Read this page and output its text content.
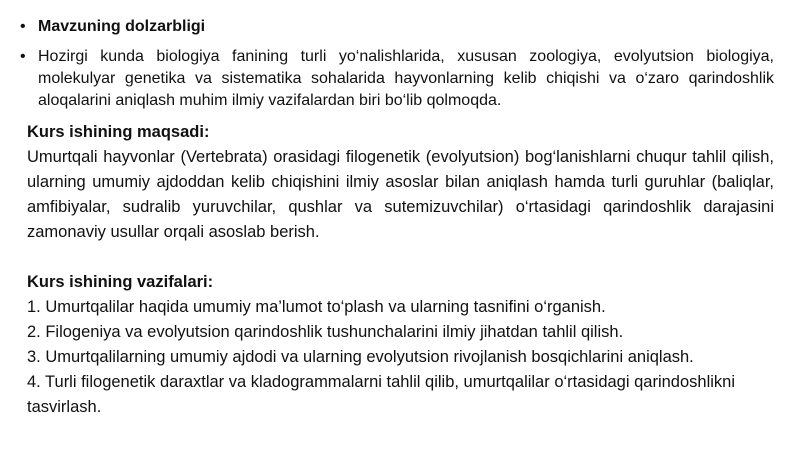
• Mavzuning dolzarbligi
• Hozirgi kunda biologiya fanining turli yo‘nalishlarida, xususan zoologiya, evolyutsion biologiya, molekulyar genetika va sistematika sohalarida hayvonlarning kelib chiqishi va o‘zaro qarindoshlik aloqalarini aniqlash muhim ilmiy vazifalardan biri bo‘lib qolmoqda.
Kurs ishining maqsadi:
Umurtqali hayvonlar (Vertebrata) orasidagi filogenetik (evolyutsion) bog‘lanishlarni chuqur tahlil qilish, ularning umumiy ajdoddan kelib chiqishini ilmiy asoslar bilan aniqlash hamda turli guruhlar (baliqlar, amfibiyalar, sudralib yuruvchilar, qushlar va sutemizuvchilar) o‘rtasidagi qarindoshlik darajasini zamonaviy usullar orqali asoslab berish.
Kurs ishining vazifalari:
1. Umurtqalilar haqida umumiy ma’lumot to‘plash va ularning tasnifini o‘rganish.
2. Filogeniya va evolyutsion qarindoshlik tushunchalarini ilmiy jihatdan tahlil qilish.
3. Umurtqalilarning umumiy ajdodi va ularning evolyutsion rivojlanish bosqichlarini aniqlash.
4. Turli filogenetik daraxtlar va kladogrammalarni tahlil qilib, umurtqalilar o‘rtasidagi qarindoshlikni tasvirlash.
